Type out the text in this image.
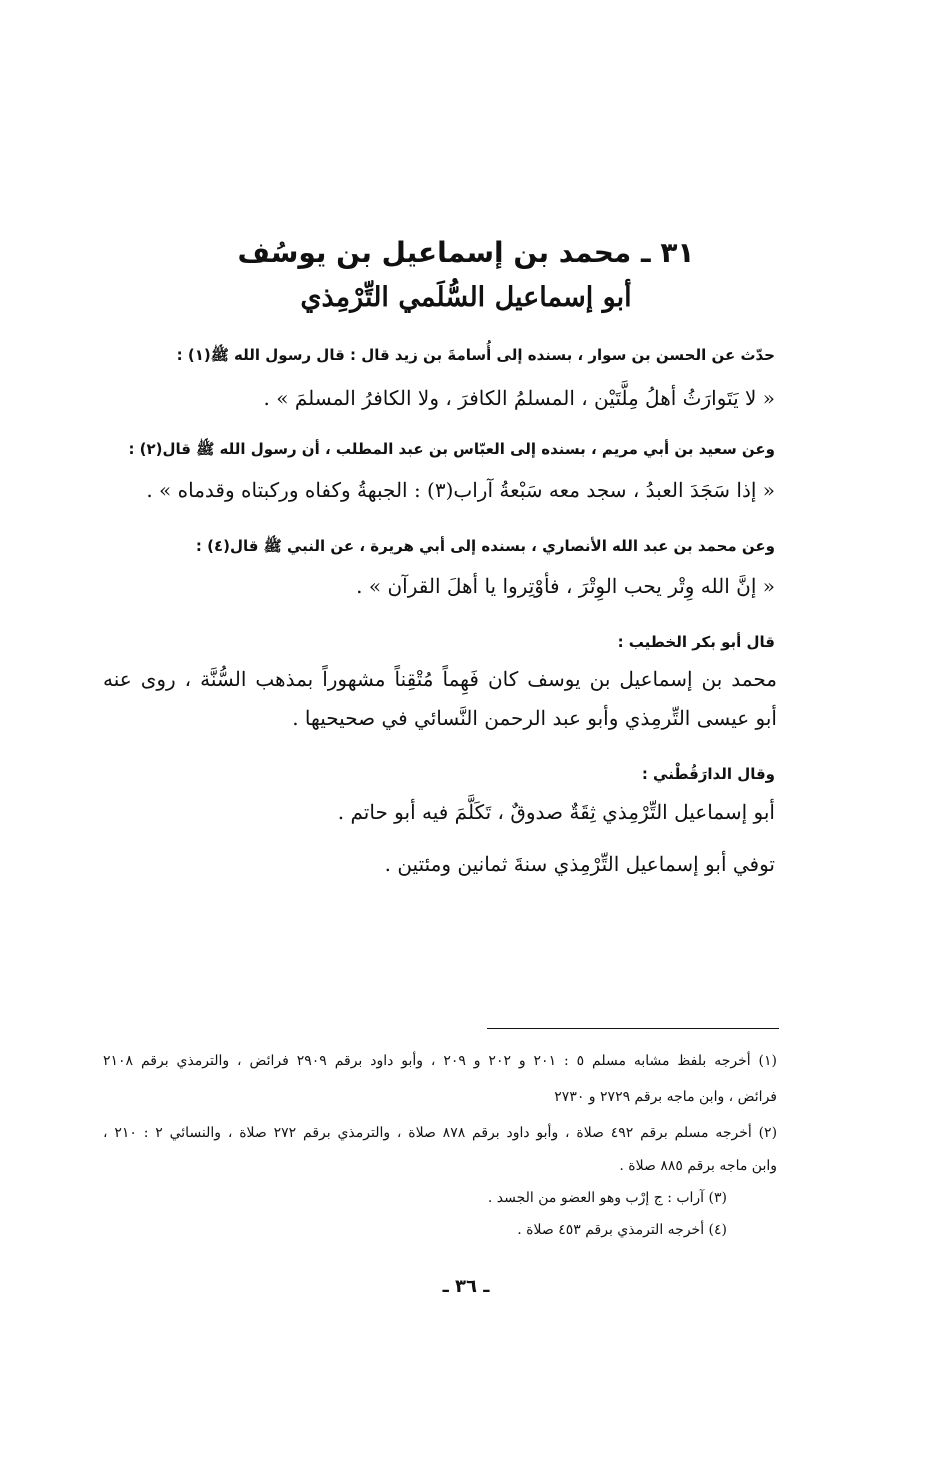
٣١ ـ محمد بن إسماعيل بن يوسُف
أبو إسماعيل السُّلَمي التِّرْمِذي

حدّث عن الحسن بن سوار ، بسنده إلى أُسامةَ بن زيد قال : قال رسول الله ﷺ(١) :

« لا يَتَوارَثُ أهلُ مِلَّتَيْن ، المسلمُ الكافرَ ، ولا الكافرُ المسلمَ » .

وعن سعيد بن أبي مريم ، بسنده إلى العبّاس بن عبد المطلب ، أن رسول الله ﷺ قال(٢) :

« إذا سَجَدَ العبدُ ، سجد معه سَبْعةُ آراب(٣) : الجبهةُ وكفاه وركبتاه وقدماه » .

وعن محمد بن عبد الله الأنصاري ، بسنده إلى أبي هريرة ، عن النبي ﷺ قال(٤) :

« إنَّ الله وِتْر يحب الوِتْرَ ، فأوْتِروا يا أهلَ القرآن » .

قال أبو بكر الخطيب :

محمد بن إسماعيل بن يوسف كان فَهِماً مُتْقِناً مشهوراً بمذهب السُّنَّة ، روى عنه

أبو عيسى التِّرمِذي وأبو عبد الرحمن النَّسائي في صحيحيها .

وقال الدارَقُطْني :

أبو إسماعيل التِّرْمِذي ثِقَةٌ صدوقٌ ، تَكَلَّمَ فيه أبو حاتم .

توفي أبو إسماعيل التِّرْمِذي سنةَ ثمانين ومئتين .

(١) أخرجه بلفظ مشابه مسلم ٥ : ٢٠١ و ٢٠٢ و ٢٠٩ ، وأبو داود برقم ٢٩٠٩ فرائض ، والترمذي برقم ٢١٠٨

فرائض ، وابن ماجه برقم ٢٧٢٩ و ٢٧٣٠

(٢) أخرجه مسلم برقم ٤٩٢ صلاة ، وأبو داود برقم ٨٧٨ صلاة ، والترمذي برقم ٢٧٢ صلاة ، والنسائي ٢ : ٢١٠ ،

وابن ماجه برقم ٨٨٥ صلاة .

(٣) آراب : ج إرْب وهو العضو من الجسد .

(٤) أخرجه الترمذي برقم ٤٥٣ صلاة .

ـ ٣٦ ـ
